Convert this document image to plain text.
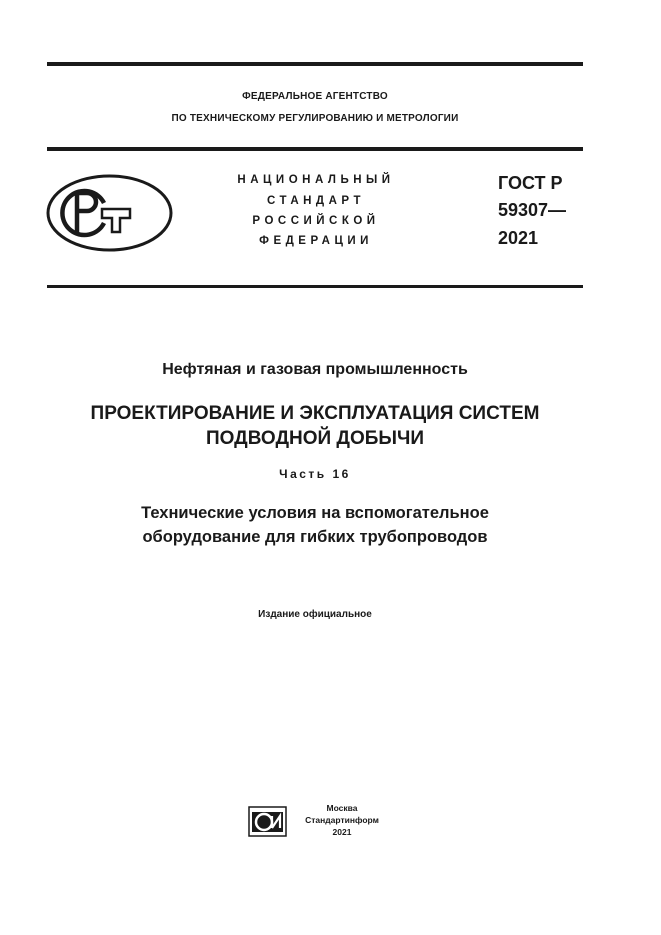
ФЕДЕРАЛЬНОЕ АГЕНТСТВО
ПО ТЕХНИЧЕСКОМУ РЕГУЛИРОВАНИЮ И МЕТРОЛОГИИ
НАЦИОНАЛЬНЫЙ
СТАНДАРТ
РОССИЙСКОЙ
ФЕДЕРАЦИИ
ГОСТ Р
59307—
2021
Нефтяная и газовая промышленность
ПРОЕКТИРОВАНИЕ И ЭКСПЛУАТАЦИЯ СИСТЕМ
ПОДВОДНОЙ ДОБЫЧИ
Часть 16
Технические условия на вспомогательное
оборудование для гибких трубопроводов
Издание официальное
Москва
Стандартинформ
2021
